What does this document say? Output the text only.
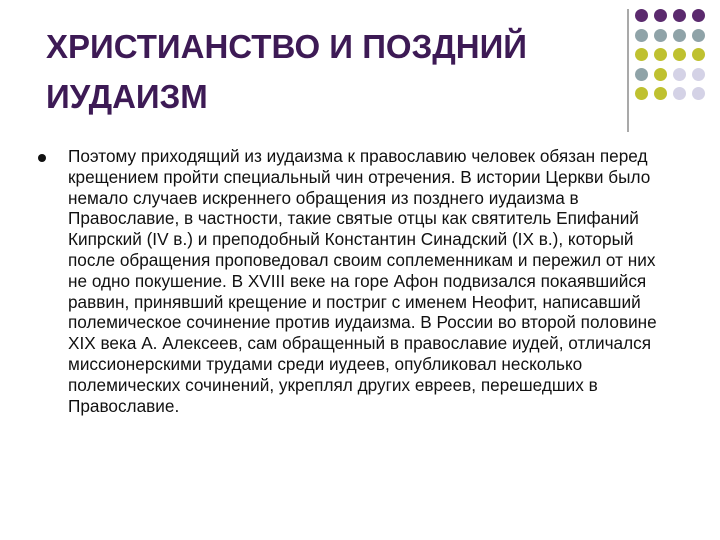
ХРИСТИАНСТВО И ПОЗДНИЙ ИУДАИЗМ

Поэтому приходящий из иудаизма к православию человек обязан перед крещением пройти специальный чин отречения. В истории Церкви было немало случаев искреннего обращения из позднего иудаизма в Православие, в частности, такие святые отцы как святитель Епифаний Кипрский (IV в.) и преподобный Константин Синадский (IX в.), который после обращения проповедовал своим соплеменникам и пережил от них не одно покушение. В XVIII веке на горе Афон подвизался покаявшийся раввин, принявший крещение и постриг с именем Неофит, написавший полемическое сочинение против иудаизма. В России во второй половине XIX века А. Алексеев, сам обращенный в православие иудей, отличался миссионерскими трудами среди иудеев, опубликовал несколько полемических сочинений, укреплял других евреев, перешедших в Православие.
